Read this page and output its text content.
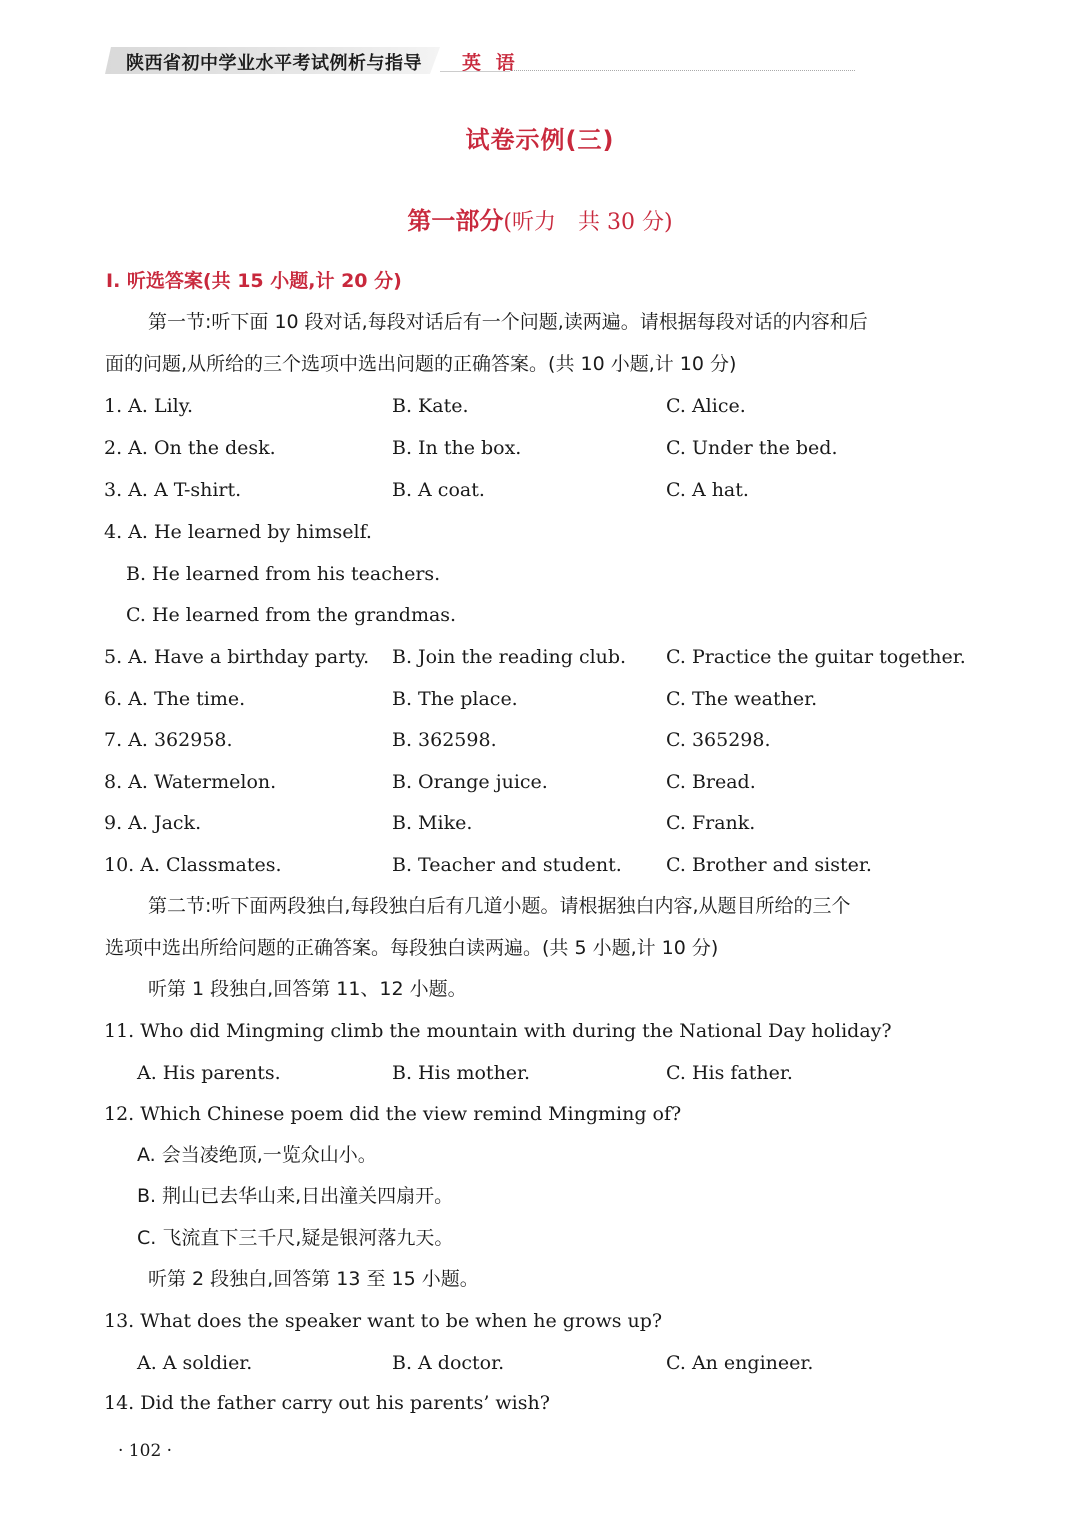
陕西省初中学业水平考试例析与指导 英 语
试卷示例(三)
第一部分(听力　共 30 分)
Ⅰ. 听选答案(共 15 小题,计 20 分)
第一节:听下面 10 段对话,每段对话后有一个问题,读两遍。请根据每段对话的内容和后
面的问题,从所给的三个选项中选出问题的正确答案。(共 10 小题,计 10 分)
1. A. Lily.	B. Kate.	C. Alice.
2. A. On the desk.	B. In the box.	C. Under the bed.
3. A. A T-shirt.	B. A coat.	C. A hat.
4. A. He learned by himself.
B. He learned from his teachers.
C. He learned from the grandmas.
5. A. Have a birthday party. B. Join the reading club. C. Practice the guitar together.
6. A. The time.	B. The place.	C. The weather.
7. A. 362958.	B. 362598.	C. 365298.
8. A. Watermelon.	B. Orange juice.	C. Bread.
9. A. Jack.	B. Mike.	C. Frank.
10. A. Classmates.	B. Teacher and student. C. Brother and sister.
第二节:听下面两段独白,每段独白后有几道小题。请根据独白内容,从题目所给的三个
选项中选出所给问题的正确答案。每段独白读两遍。(共 5 小题,计 10 分)
听第 1 段独白,回答第 11、12 小题。
11. Who did Mingming climb the mountain with during the National Day holiday?
A. His parents.	B. His mother.	C. His father.
12. Which Chinese poem did the view remind Mingming of?
A. 会当凌绝顶,一览众山小。
B. 荆山已去华山来,日出潼关四扇开。
C. 飞流直下三千尺,疑是银河落九天。
听第 2 段独白,回答第 13 至 15 小题。
13. What does the speaker want to be when he grows up?
A. A soldier.	B. A doctor.	C. An engineer.
14. Did the father carry out his parents’ wish?
· 102 ·
